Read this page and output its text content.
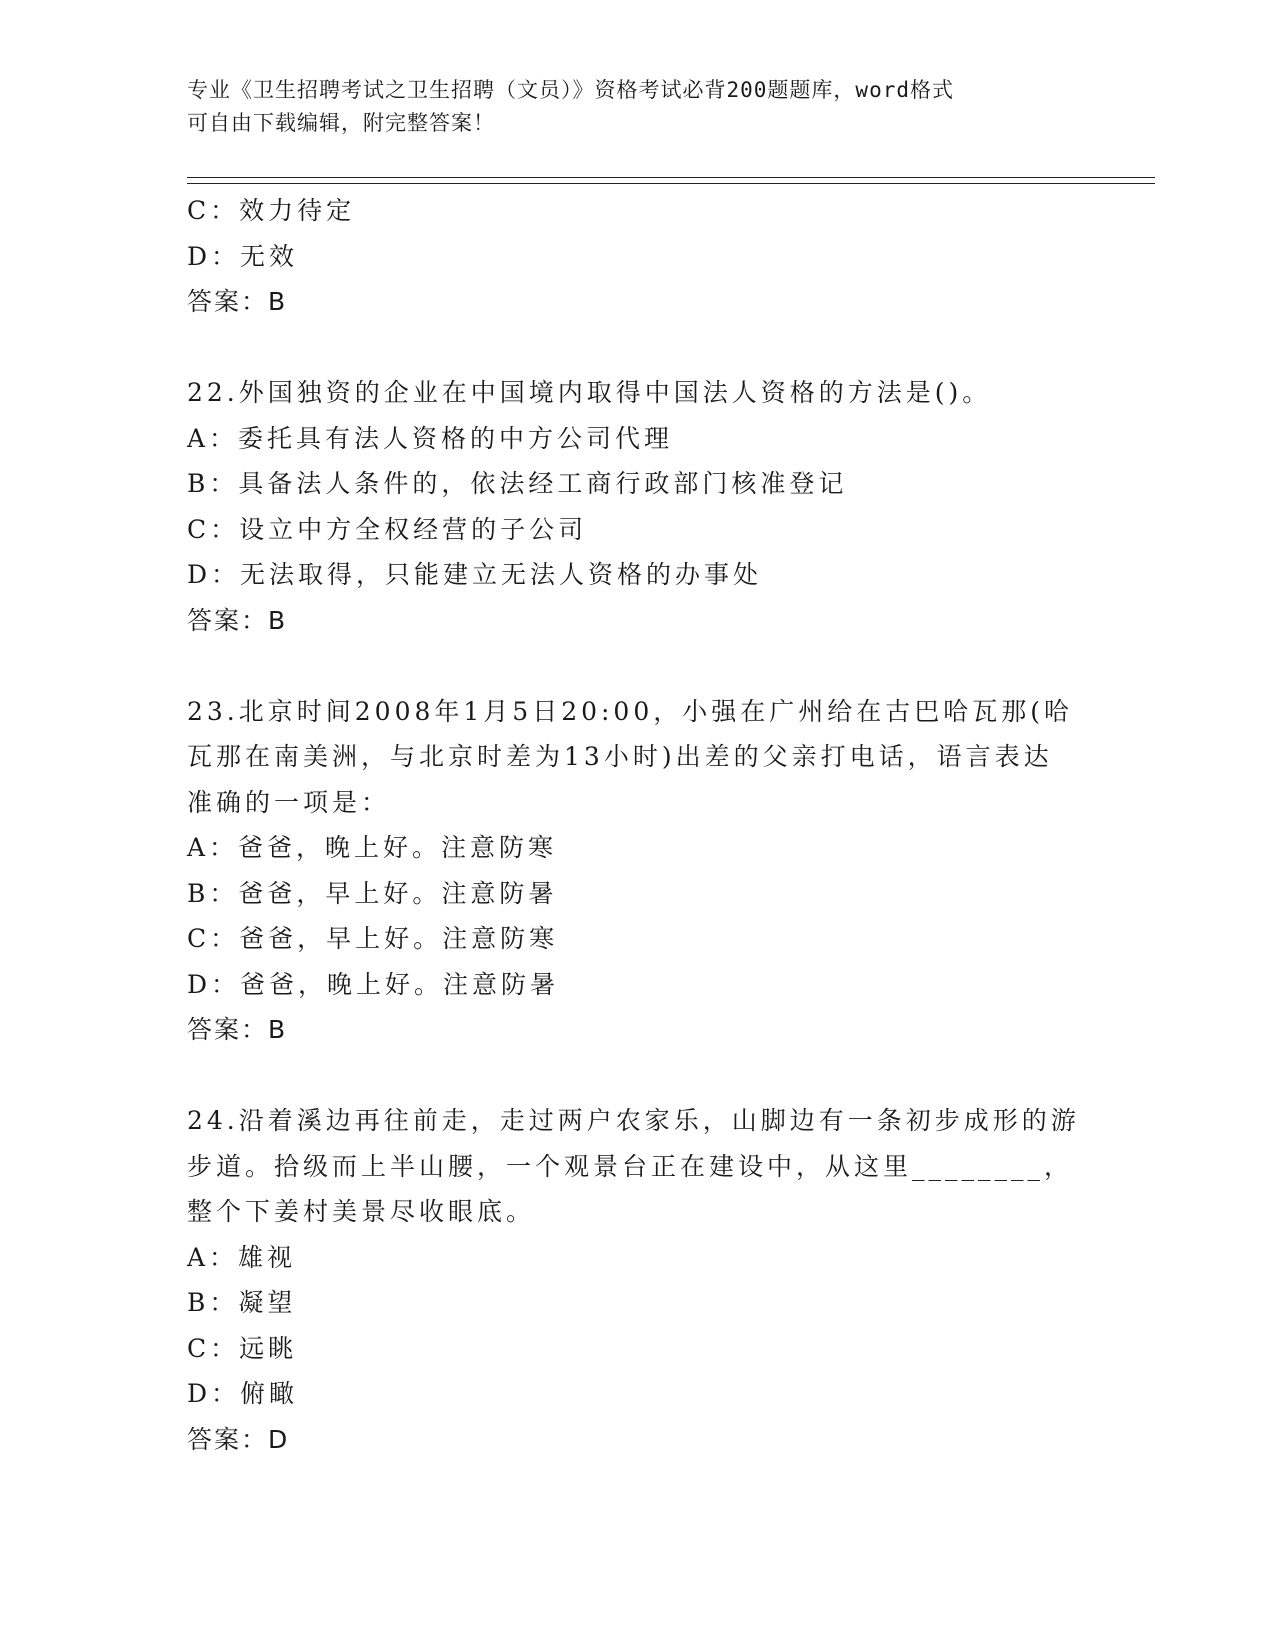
专业《卫生招聘考试之卫生招聘（文员）》资格考试必背200题题库，word格式
可自由下载编辑，附完整答案！
C：效力待定
D：无效
答案：B
22.外国独资的企业在中国境内取得中国法人资格的方法是()。
A：委托具有法人资格的中方公司代理
B：具备法人条件的，依法经工商行政部门核准登记
C：设立中方全权经营的子公司
D：无法取得，只能建立无法人资格的办事处
答案：B
23.北京时间2008年1月5日20:00，小强在广州给在古巴哈瓦那(哈
瓦那在南美洲，与北京时差为13小时)出差的父亲打电话，语言表达
准确的一项是：
A：爸爸，晚上好。注意防寒
B：爸爸，早上好。注意防暑
C：爸爸，早上好。注意防寒
D：爸爸，晚上好。注意防暑
答案：B
24.沿着溪边再往前走，走过两户农家乐，山脚边有一条初步成形的游
步道。拾级而上半山腰，一个观景台正在建设中，从这里________，
整个下姜村美景尽收眼底。
A：雄视
B：凝望
C：远眺
D：俯瞰
答案：D
